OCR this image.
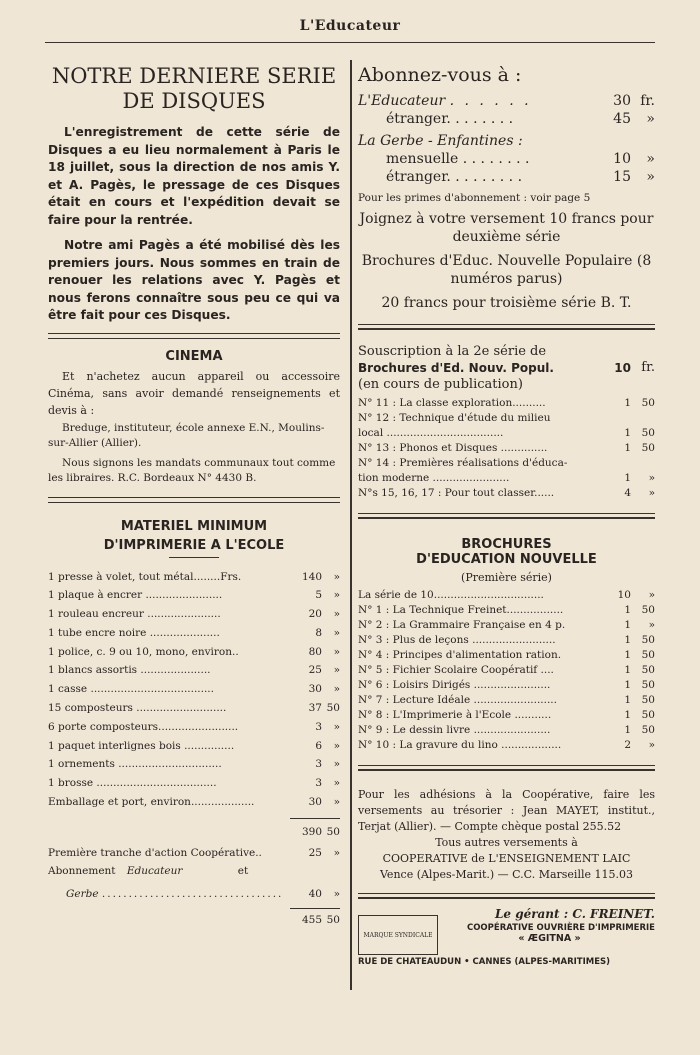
L'Educateur
NOTRE DERNIERE SERIE
DE DISQUES

L'enregistrement de cette série de Disques a eu lieu normalement à Paris le 18 juillet, sous la direction de nos amis Y. et A. Pagès, le pressage de ces Disques était en cours et l'expédition devait se faire pour la rentrée.

Notre ami Pagès a été mobilisé dès les premiers jours. Nous sommes en train de renouer les relations avec Y. Pagès et nous ferons connaître sous peu ce qui va être fait pour ces Disques.

CINEMA

Et n'achetez aucun appareil ou accessoire Cinéma, sans avoir demandé renseignements et devis à :

Breduge, instituteur, école annexe E.N., Moulins-sur-Allier (Allier).

Nous signons les mandats communaux tout comme les libraires. R.C. Bordeaux N° 4430 B.

MATERIEL MINIMUM
D'IMPRIMERIE A L'ECOLE
1 presse à volet, tout métal........Frs.	140	»
1 plaque à encrer .......................	5	»
1 rouleau encreur ......................	20	»
1 tube encre noire .....................	8	»
1 police, c. 9 ou 10, mono, environ..	80	»
1 blancs assortis .....................	25	»
1 casse .....................................	30	»
15 composteurs ...........................	37 50
6 porte composteurs........................	3	»
1 paquet interlignes bois ...............	6	»
1 ornements ...............................	3	»
1 brosse ....................................	3	»
Emballage et port, environ...................	30	»
390 50
Première tranche d'action Coopérative..	25	»
Abonnement Educateur	et
Gerbe ..................................	40	»
455 50
Abonnez-vous à :
L'Educateur . . . . . .	30 fr.
étranger. . . . . . . .	45	»
La Gerbe - Enfantines :
mensuelle . . . . . . . .	10	»
étranger. . . . . . . . .	15	»
Pour les primes d'abonnement : voir page 5
Joignez à votre versement 10 francs pour deuxième série
Brochures d'Educ. Nouvelle Populaire (8 numéros parus)
20 francs pour troisième série B. T.
Souscription à la 2e série de
Brochures d'Ed. Nouv. Popul.	10 fr.
(en cours de publication)
N° 11 : La classe exploration..........	1	50
N° 12 : Technique d'étude du milieu
local ...................................	1	50
N° 13 : Phonos et Disques ..............	1	50
N° 14 : Premières réalisations d'éduca-
tion moderne .......................	1	»
N°s 15, 16, 17 : Pour tout classer......	4	»
BROCHURES
D'EDUCATION NOUVELLE
(Première série)
La série de 10.................................	10	»
N° 1 : La Technique Freinet.................	1	50
N° 2 : La Grammaire Française en 4 p.	1	»
N° 3 : Plus de leçons .........................	1	50
N° 4 : Principes d'alimentation ration.	1	50
N° 5 : Fichier Scolaire Coopératif ....	1	50
N° 6 : Loisirs Dirigés .......................	1	50
N° 7 : Lecture Idéale .........................	1	50
N° 8 : L'Imprimerie à l'Ecole ...........	1	50
N° 9 : Le dessin livre .......................	1	50
N° 10 : La gravure du lino ..................	2	»
Pour les adhésions à la Coopérative, faire les versements au trésorier : Jean MAYET, institut., Terjat (Allier). — Compte chèque postal 255.52
Tous autres versements à
COOPERATIVE de L'ENSEIGNEMENT LAIC
Vence (Alpes-Marit.) — C.C. Marseille 115.03
MARQUE SYNDICALE
Le gérant : C. FREINET.
COOPÉRATIVE OUVRIÈRE D'IMPRIMERIE
« ÆGITNA »
RUE DE CHATEAUDUN • CANNES (ALPES-MARITIMES)
